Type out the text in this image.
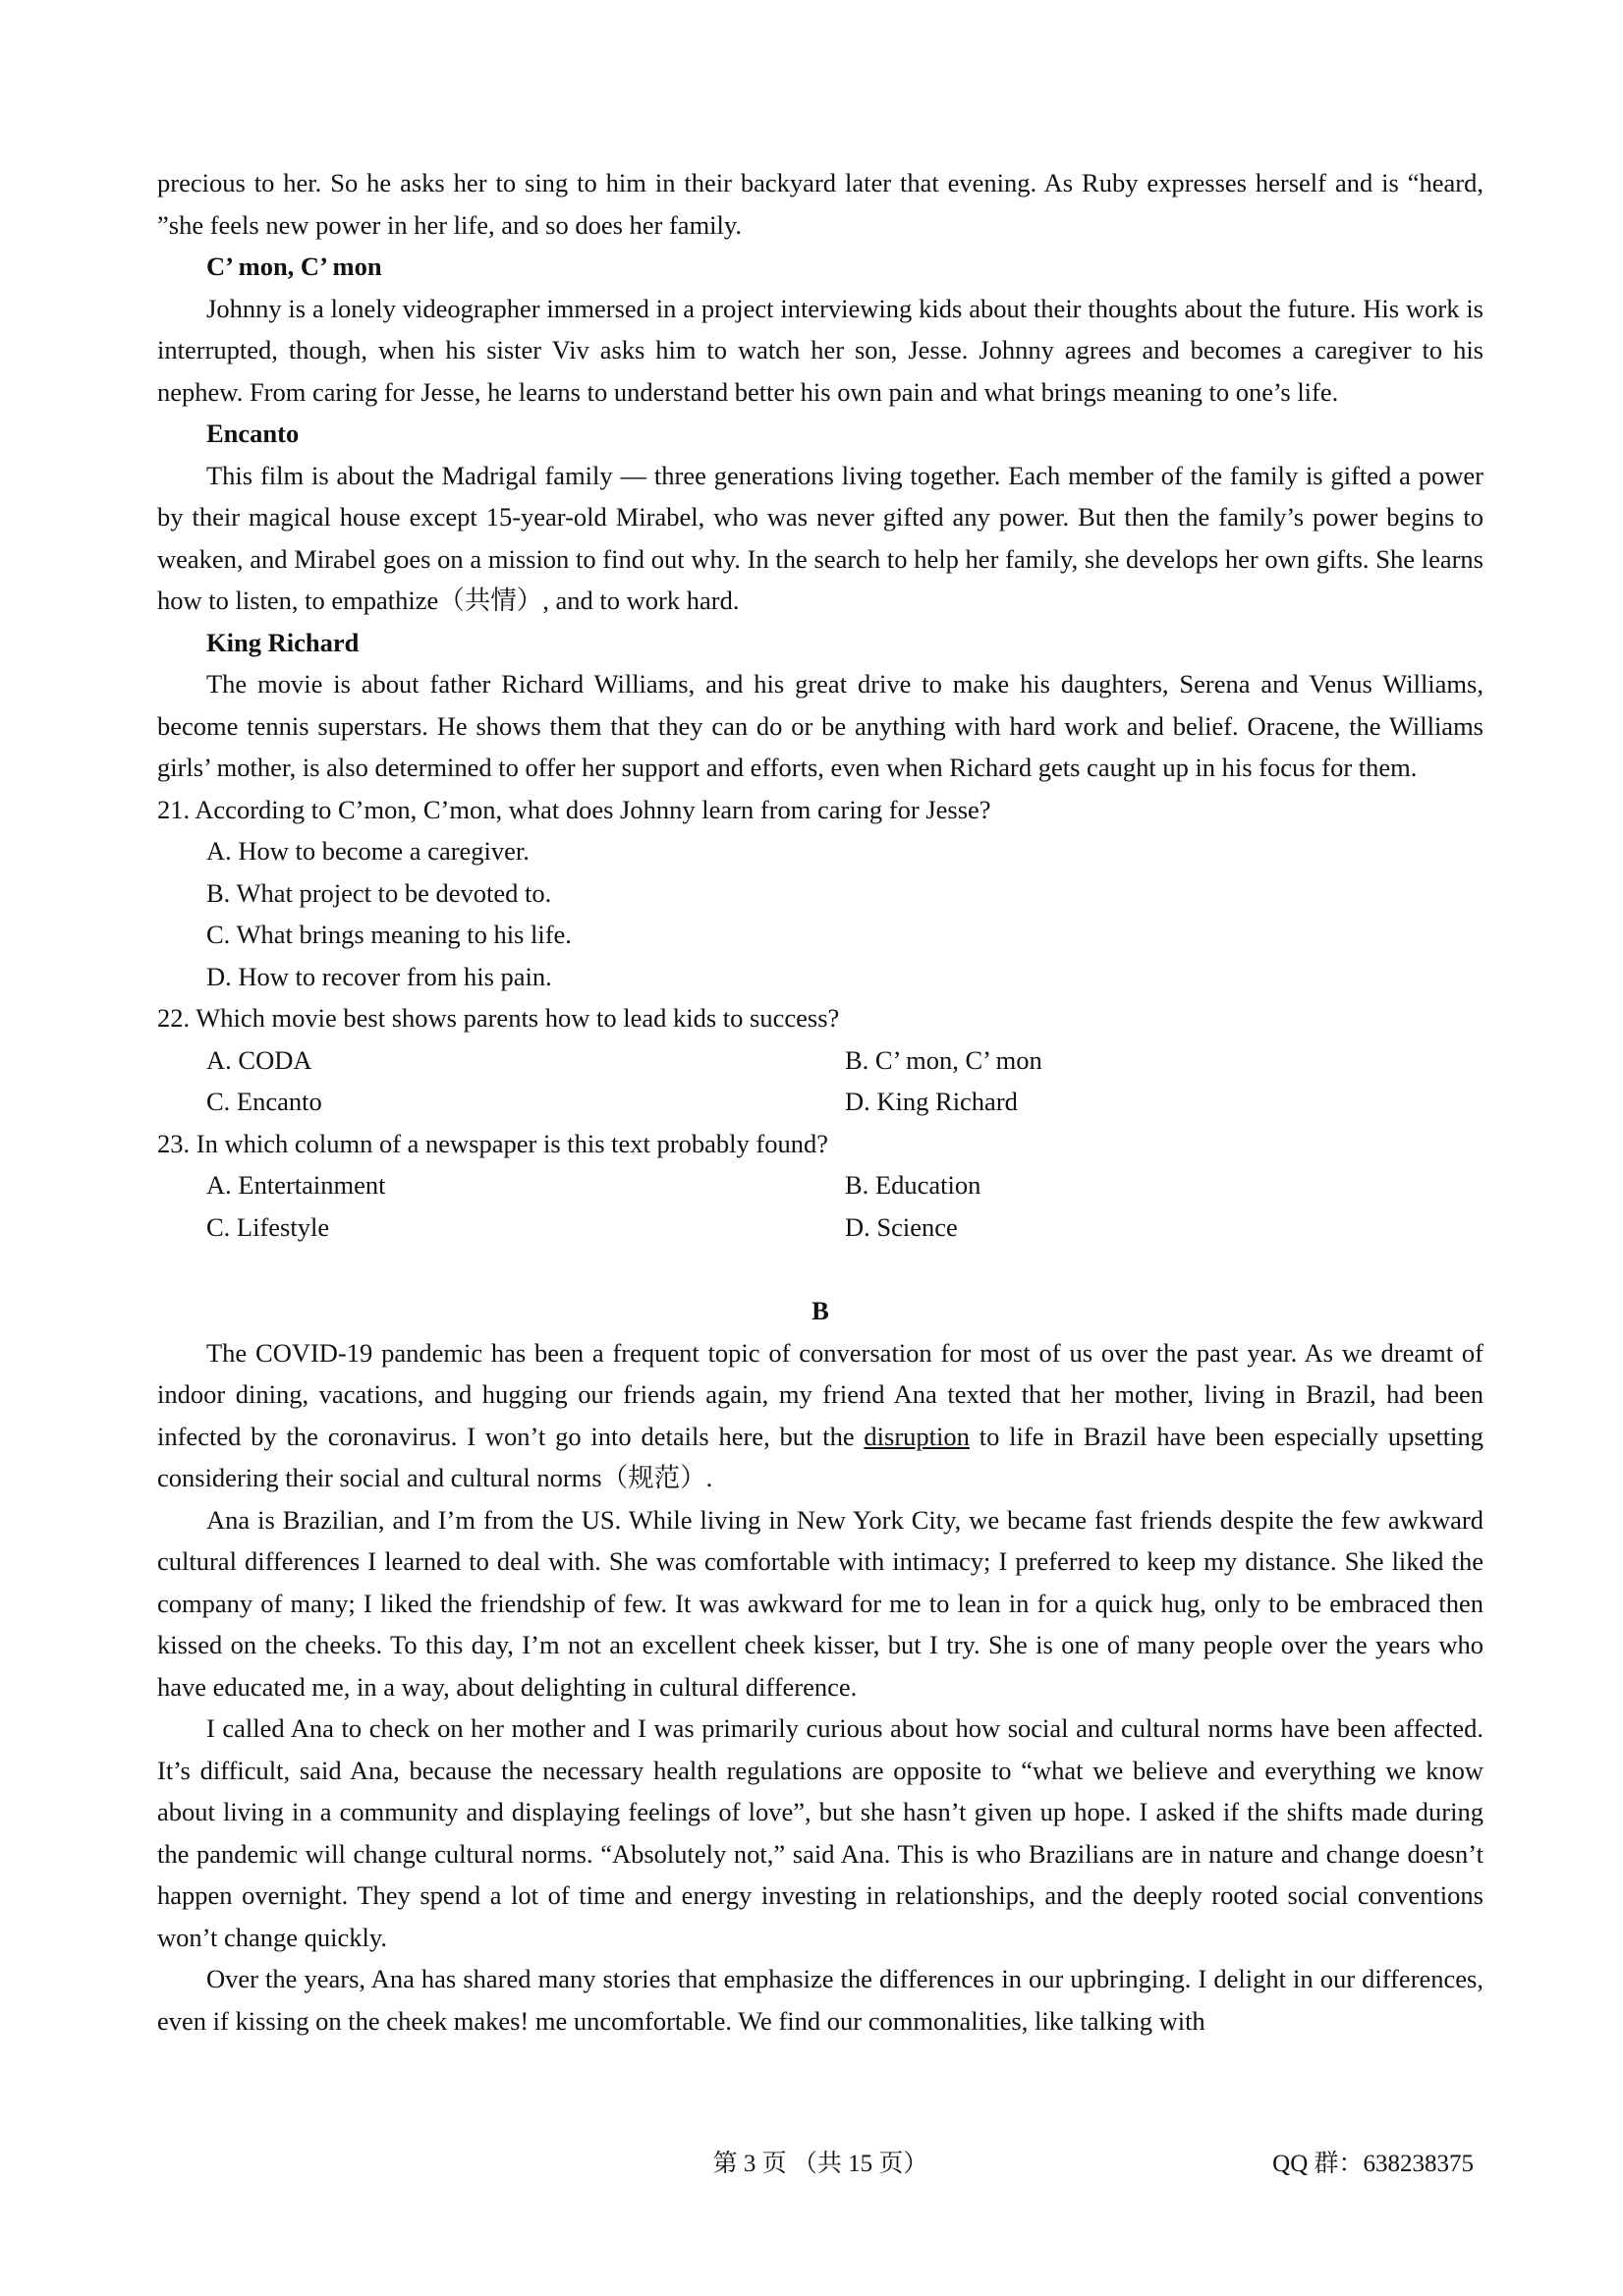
precious to her. So he asks her to sing to him in their backyard later that evening. As Ruby expresses herself and is “heard, ”she feels new power in her life, and so does her family.

C’ mon, C’ mon

Johnny is a lonely videographer immersed in a project interviewing kids about their thoughts about the future. His work is interrupted, though, when his sister Viv asks him to watch her son, Jesse. Johnny agrees and becomes a caregiver to his nephew. From caring for Jesse, he learns to understand better his own pain and what brings meaning to one’s life.

Encanto

This film is about the Madrigal family — three generations living together. Each member of the family is gifted a power by their magical house except 15-year-old Mirabel, who was never gifted any power. But then the family’s power begins to weaken, and Mirabel goes on a mission to find out why. In the search to help her family, she develops her own gifts. She learns how to listen, to empathize（共情）, and to work hard.

King Richard

The movie is about father Richard Williams, and his great drive to make his daughters, Serena and Venus Williams, become tennis superstars. He shows them that they can do or be anything with hard work and belief. Oracene, the Williams girls’ mother, is also determined to offer her support and efforts, even when Richard gets caught up in his focus for them.

21. According to C’mon, C’mon, what does Johnny learn from caring for Jesse?

A. How to become a caregiver.

B. What project to be devoted to.

C. What brings meaning to his life.

D. How to recover from his pain.

22. Which movie best shows parents how to lead kids to success?

A. CODA	B. C’ mon, C’ mon
C. Encanto	D. King Richard

23. In which column of a newspaper is this text probably found?

A. Entertainment	B. Education
C. Lifestyle	D. Science

B

The COVID-19 pandemic has been a frequent topic of conversation for most of us over the past year. As we dreamt of indoor dining, vacations, and hugging our friends again, my friend Ana texted that her mother, living in Brazil, had been infected by the coronavirus. I won’t go into details here, but the disruption to life in Brazil have been especially upsetting considering their social and cultural norms（规范）.

Ana is Brazilian, and I’m from the US. While living in New York City, we became fast friends despite the few awkward cultural differences I learned to deal with. She was comfortable with intimacy; I preferred to keep my distance. She liked the company of many; I liked the friendship of few. It was awkward for me to lean in for a quick hug, only to be embraced then kissed on the cheeks. To this day, I’m not an excellent cheek kisser, but I try. She is one of many people over the years who have educated me, in a way, about delighting in cultural difference.

I called Ana to check on her mother and I was primarily curious about how social and cultural norms have been affected. It’s difficult, said Ana, because the necessary health regulations are opposite to “what we believe and everything we know about living in a community and displaying feelings of love”, but she hasn’t given up hope. I asked if the shifts made during the pandemic will change cultural norms. “Absolutely not,” said Ana. This is who Brazilians are in nature and change doesn’t happen overnight. They spend a lot of time and energy investing in relationships, and the deeply rooted social conventions won’t change quickly.

Over the years, Ana has shared many stories that emphasize the differences in our upbringing. I delight in our differences, even if kissing on the cheek makes! me uncomfortable. We find our commonalities, like talking with

第 3 页 （共 15 页）	QQ 群：638238375
